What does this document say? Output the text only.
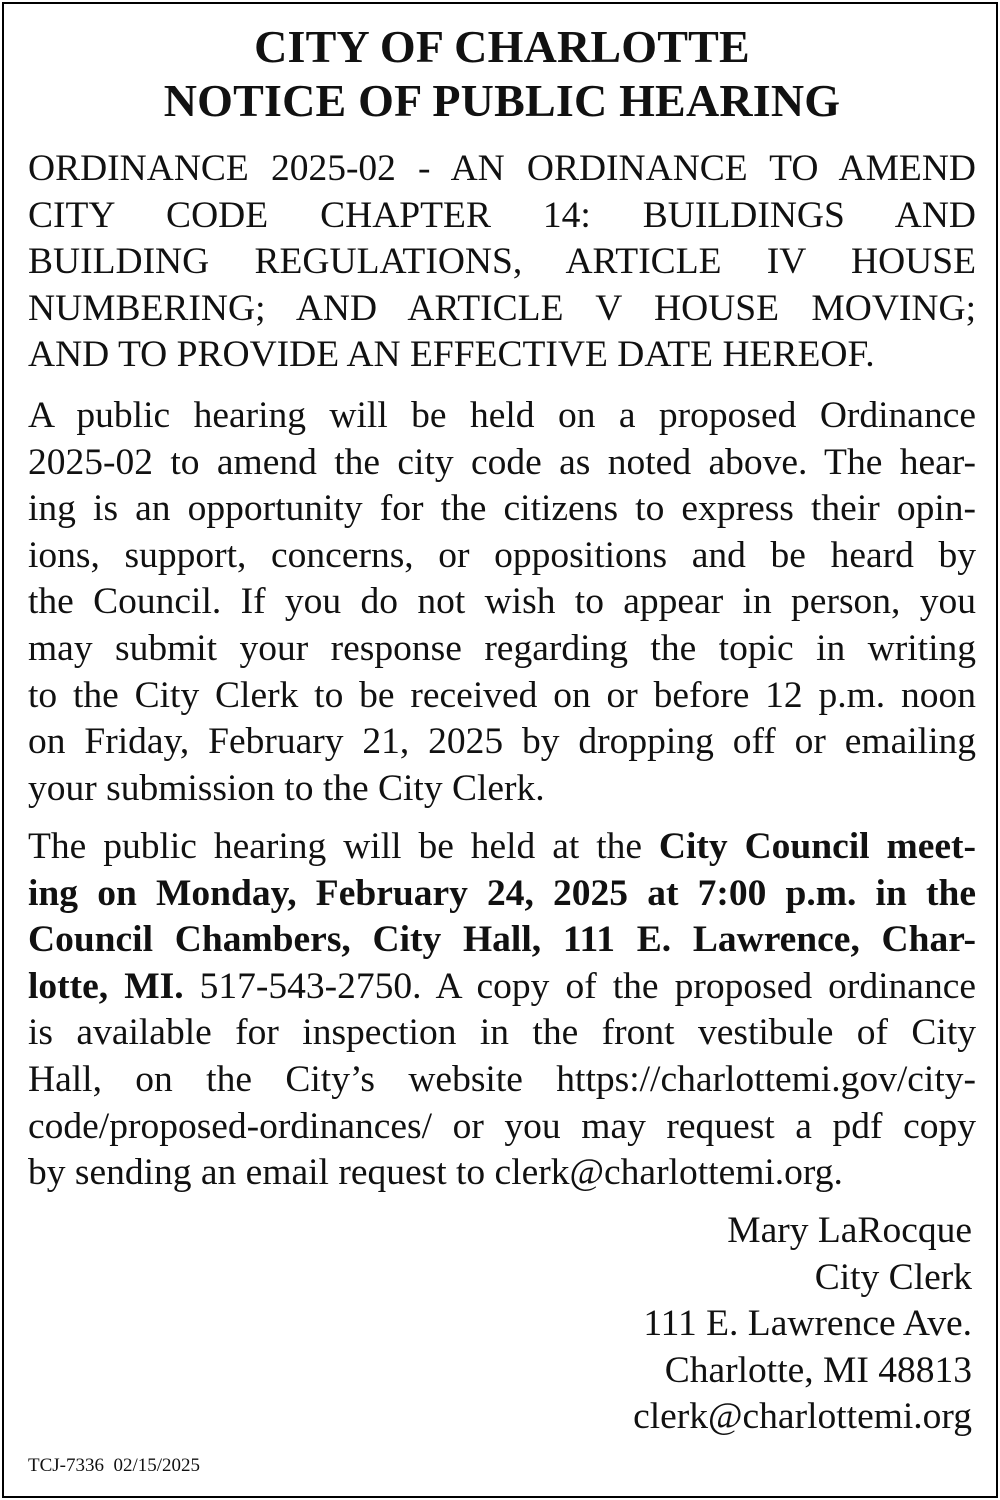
CITY OF CHARLOTTE
NOTICE OF PUBLIC HEARING
ORDINANCE 2025-02 - AN ORDINANCE TO AMEND
CITY CODE CHAPTER 14: BUILDINGS AND
BUILDING REGULATIONS, ARTICLE IV HOUSE
NUMBERING; AND ARTICLE V HOUSE MOVING;
AND TO PROVIDE AN EFFECTIVE DATE HEREOF.
A public hearing will be held on a proposed Ordinance
2025-02 to amend the city code as noted above. The hear-
ing is an opportunity for the citizens to express their opin-
ions, support, concerns, or oppositions and be heard by
the Council. If you do not wish to appear in person, you
may submit your response regarding the topic in writing
to the City Clerk to be received on or before 12 p.m. noon
on Friday, February 21, 2025 by dropping off or emailing
your submission to the City Clerk.
The public hearing will be held at the City Council meet-
ing on Monday, February 24, 2025 at 7:00 p.m. in the
Council Chambers, City Hall, 111 E. Lawrence, Char-
lotte, MI. 517-543-2750. A copy of the proposed ordinance
is available for inspection in the front vestibule of City
Hall, on the City’s website https://charlottemi.gov/city-
code/proposed-ordinances/ or you may request a pdf copy
by sending an email request to clerk@charlottemi.org.
Mary LaRocque
City Clerk
111 E. Lawrence Ave.
Charlotte, MI 48813
clerk@charlottemi.org
TCJ-7336  02/15/2025
